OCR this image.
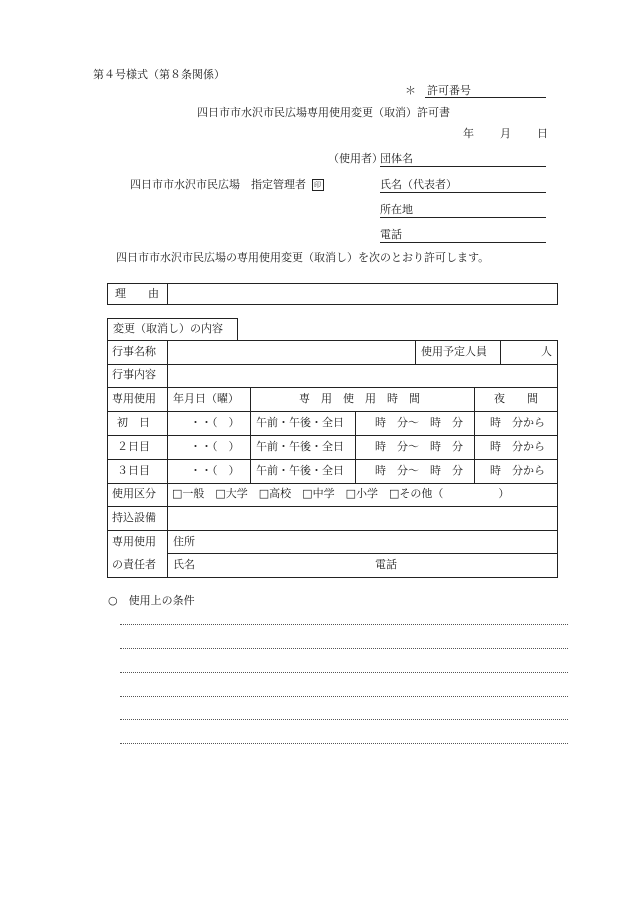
第４号様式（第８条関係）
＊　許可番号
四日市市水沢市民広場専用使用変更（取消）許可書
年 月 日
（使用者）
団体名
四日市市水沢市民広場　指定管理者 印	氏名（代表者）
所在地
電話
四日市市水沢市民広場の専用使用変更（取消し）を次のとおり許可します。
理　　由
変更（取消し）の内容
行事名称	使用予定人員	人
行事内容
専用使用 年月日（曜）	専　用　使　用　時　間	夜　　間
初　日	・・（　） 午前・午後・全日	時　分～　時　分 時　分から
２日目	・・（　） 午前・午後・全日	時　分～　時　分 時　分から
３日目	・・（　） 午前・午後・全日	時　分～　時　分 時　分から
使用区分 □一般　□大学　□高校　□中学　□小学　□その他（　　　　　）
持込設備
専用使用
の責任者
住所
氏名	電話
○　使用上の条件
